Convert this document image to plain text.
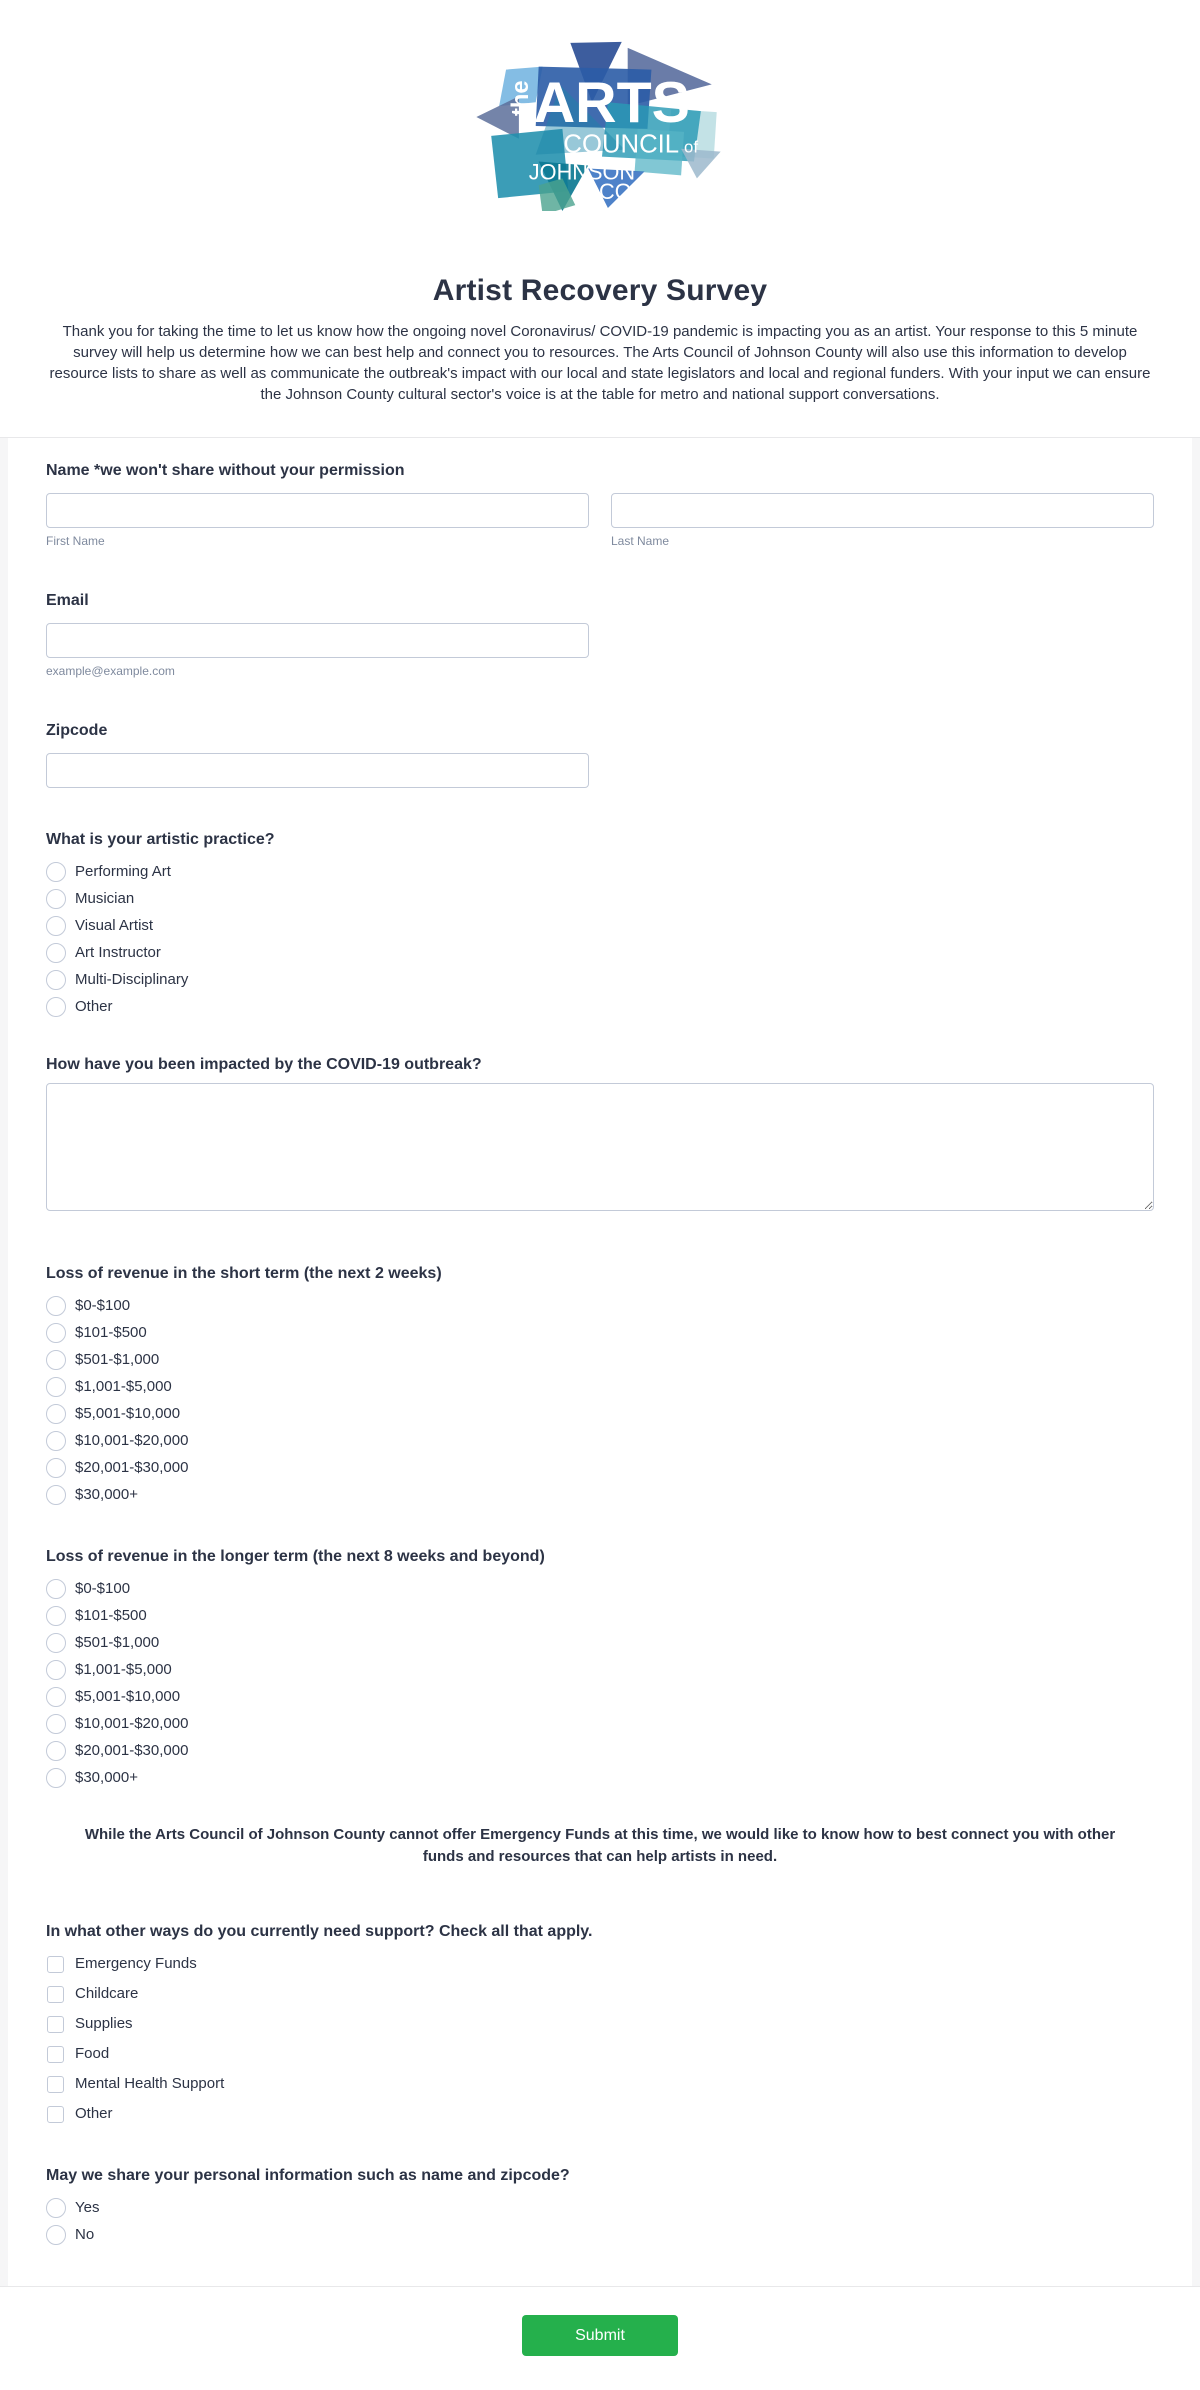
the ARTS
COUNCIL of
JOHNSON
COUNTY
Artist Recovery Survey

Thank you for taking the time to let us know how the ongoing novel Coronavirus/ COVID-19 pandemic is impacting you as an artist. Your response to this 5 minute survey will help us determine how we can best help and connect you to resources. The Arts Council of Johnson County will also use this information to develop resource lists to share as well as communicate the outbreak's impact with our local and state legislators and local and regional funders. With your input we can ensure the Johnson County cultural sector's voice is at the table for metro and national support conversations.

Name *we won't share without your permission
First Name	Last Name
Email
example@example.com
Zipcode
What is your artistic practice?
Performing Art
Musician
Visual Artist
Art Instructor
Multi-Disciplinary
Other
How have you been impacted by the COVID-19 outbreak?
Loss of revenue in the short term (the next 2 weeks)
$0-$100
$101-$500
$501-$1,000
$1,001-$5,000
$5,001-$10,000
$10,001-$20,000
$20,001-$30,000
$30,000+
Loss of revenue in the longer term (the next 8 weeks and beyond)
$0-$100
$101-$500
$501-$1,000
$1,001-$5,000
$5,001-$10,000
$10,001-$20,000
$20,001-$30,000
$30,000+

While the Arts Council of Johnson County cannot offer Emergency Funds at this time, we would like to know how to best connect you with other funds and resources that can help artists in need.

In what other ways do you currently need support? Check all that apply.
Emergency Funds
Childcare
Supplies
Food
Mental Health Support
Other
May we share your personal information such as name and zipcode?
Yes
No
Submit
